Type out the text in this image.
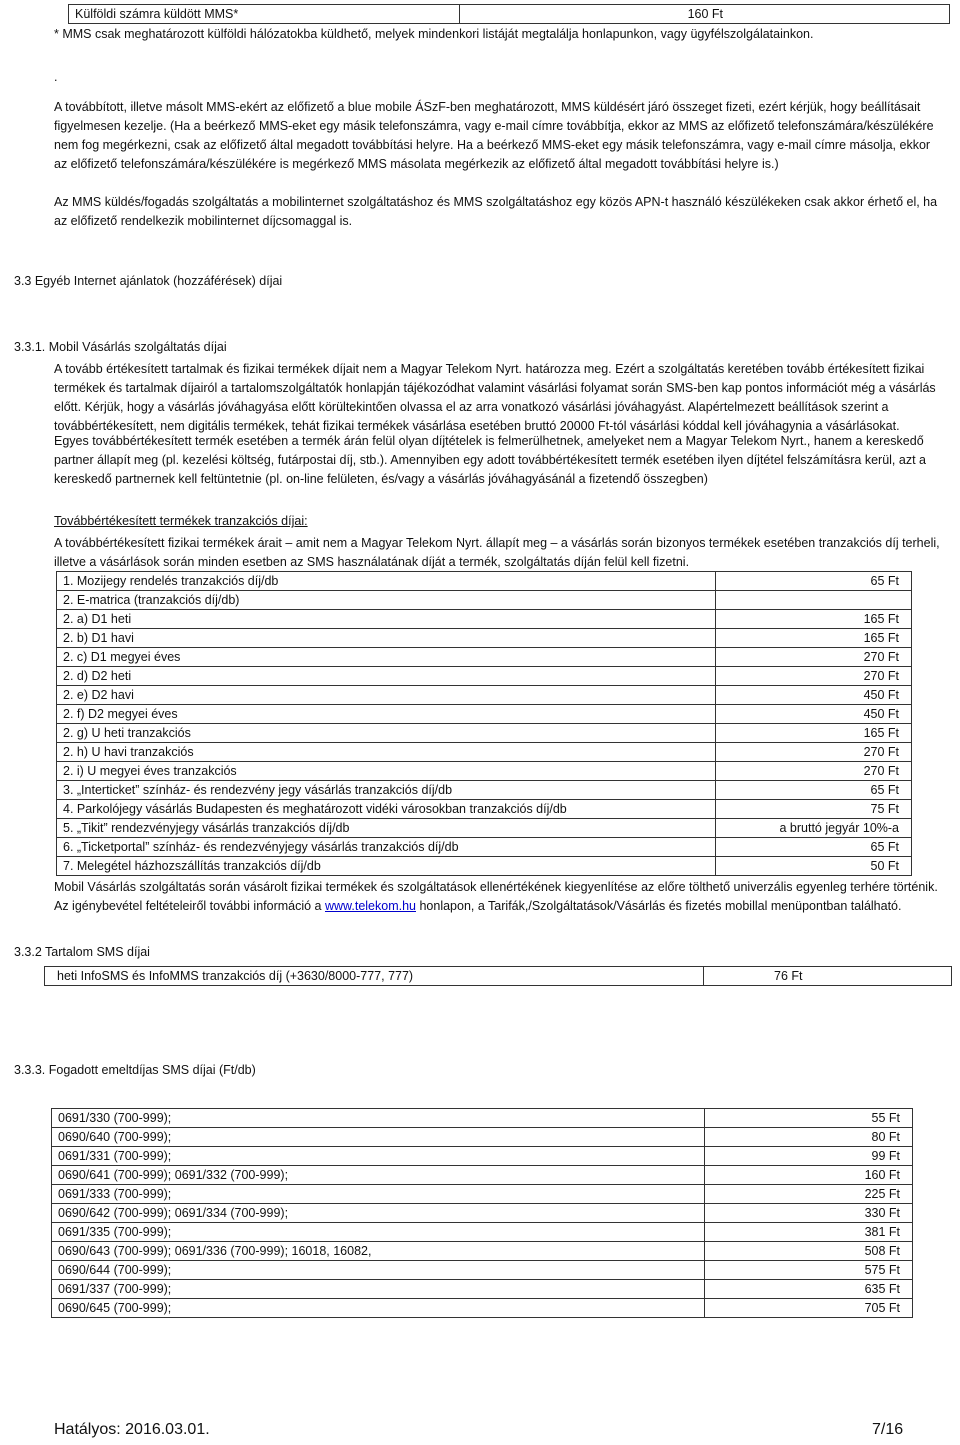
Külföldi számra küldött MMS*	160 Ft
* MMS csak meghatározott külföldi hálózatokba küldhető, melyek mindenkori listáját megtalálja honlapunkon, vagy ügyfélszolgálatainkon.
.
A továbbított, illetve másolt MMS-ekért az előfizető a blue mobile ÁSzF-ben meghatározott, MMS küldésért járó összeget fizeti, ezért kérjük, hogy beállításait figyelmesen kezelje. (Ha a beérkező MMS-eket egy másik telefonszámra, vagy e-mail címre továbbítja, ekkor az MMS az előfizető telefonszámára/készülékére nem fog megérkezni, csak az előfizető által megadott továbbítási helyre. Ha a beérkező MMS-eket egy másik telefonszámra, vagy e-mail címre másolja, ekkor az előfizető telefonszámára/készülékére is megérkező MMS másolata megérkezik az előfizető által megadott továbbítási helyre is.)
Az MMS küldés/fogadás szolgáltatás a mobilinternet szolgáltatáshoz és MMS szolgáltatáshoz egy közös APN-t használó készülékeken csak akkor érhető el, ha az előfizető rendelkezik mobilinternet díjcsomaggal is.
3.3 Egyéb Internet ajánlatok (hozzáférések) díjai
3.3.1. Mobil Vásárlás szolgáltatás díjai
A tovább értékesített tartalmak és fizikai termékek díjait nem a Magyar Telekom Nyrt. határozza meg. Ezért a szolgáltatás keretében tovább értékesített fizikai termékek és tartalmak díjairól a tartalomszolgáltatók honlapján tájékozódhat valamint vásárlási folyamat során SMS-ben kap pontos információt még a vásárlás előtt. Kérjük, hogy a vásárlás jóváhagyása előtt körültekintően olvassa el az arra vonatkozó vásárlási jóváhagyást. Alapértelmezett beállítások szerint a továbbértékesített, nem digitális termékek, tehát fizikai termékek vásárlása esetében bruttó 20000 Ft-tól vásárlási kóddal kell jóváhagynia a vásárlásokat.
Egyes továbbértékesített termék esetében a termék árán felül olyan díjtételek is felmerülhetnek, amelyeket nem a Magyar Telekom Nyrt., hanem a kereskedő partner állapít meg (pl. kezelési költség, futárpostai díj, stb.). Amennyiben egy adott továbbértékesített termék esetében ilyen díjtétel felszámításra kerül, azt a kereskedő partnernek kell feltüntetnie (pl. on-line felületen, és/vagy a vásárlás jóváhagyásánál a fizetendő összegben)
Továbbértékesített termékek tranzakciós díjai:
A továbbértékesített fizikai termékek árait – amit nem a Magyar Telekom Nyrt. állapít meg – a vásárlás során bizonyos termékek esetében tranzakciós díj terheli, illetve a vásárlások során minden esetben az SMS használatának díját a termék, szolgáltatás díján felül kell fizetni.
1. Mozijegy rendelés tranzakciós díj/db	65 Ft
2. E-matrica (tranzakciós díj/db)	
2. a) D1 heti	165 Ft
2. b) D1 havi	165 Ft
2. c) D1 megyei éves	270 Ft
2. d) D2 heti	270 Ft
2. e) D2 havi	450 Ft
2. f) D2 megyei éves	450 Ft
2. g) U heti tranzakciós	165 Ft
2. h) U havi tranzakciós	270 Ft
2. i) U megyei éves tranzakciós	270 Ft
3. „Interticket” színház- és rendezvény jegy vásárlás tranzakciós díj/db	65 Ft
4. Parkolójegy vásárlás Budapesten és meghatározott vidéki városokban tranzakciós díj/db	75 Ft
5. „Tikit” rendezvényjegy vásárlás tranzakciós díj/db	a bruttó jegyár 10%-a
6. „Ticketportal” színház- és rendezvényjegy vásárlás tranzakciós díj/db	65 Ft
7. Melegétel házhozszállítás tranzakciós díj/db	50 Ft
Mobil Vásárlás szolgáltatás során vásárolt fizikai termékek és szolgáltatások ellenértékének kiegyenlítése az előre tölthető univerzális egyenleg terhére történik.
Az igénybevétel feltételeiről további információ a www.telekom.hu honlapon, a Tarifák,/Szolgáltatások/Vásárlás és fizetés mobillal menüpontban található.
3.3.2 Tartalom SMS díjai
heti InfoSMS és InfoMMS tranzakciós díj (+3630/8000-777, 777)	76 Ft
3.3.3. Fogadott emeltdíjas SMS díjai (Ft/db)
0691/330 (700-999);	55 Ft
0690/640 (700-999);	80 Ft
0691/331 (700-999);	99 Ft
0690/641 (700-999); 0691/332 (700-999);	160 Ft
0691/333 (700-999);	225 Ft
0690/642 (700-999); 0691/334 (700-999);	330 Ft
0691/335 (700-999);	381 Ft
0690/643 (700-999); 0691/336 (700-999); 16018, 16082,	508 Ft
0690/644 (700-999);	575 Ft
0691/337 (700-999);	635 Ft
0690/645 (700-999);	705 Ft
Hatályos: 2016.03.01.	7/16
